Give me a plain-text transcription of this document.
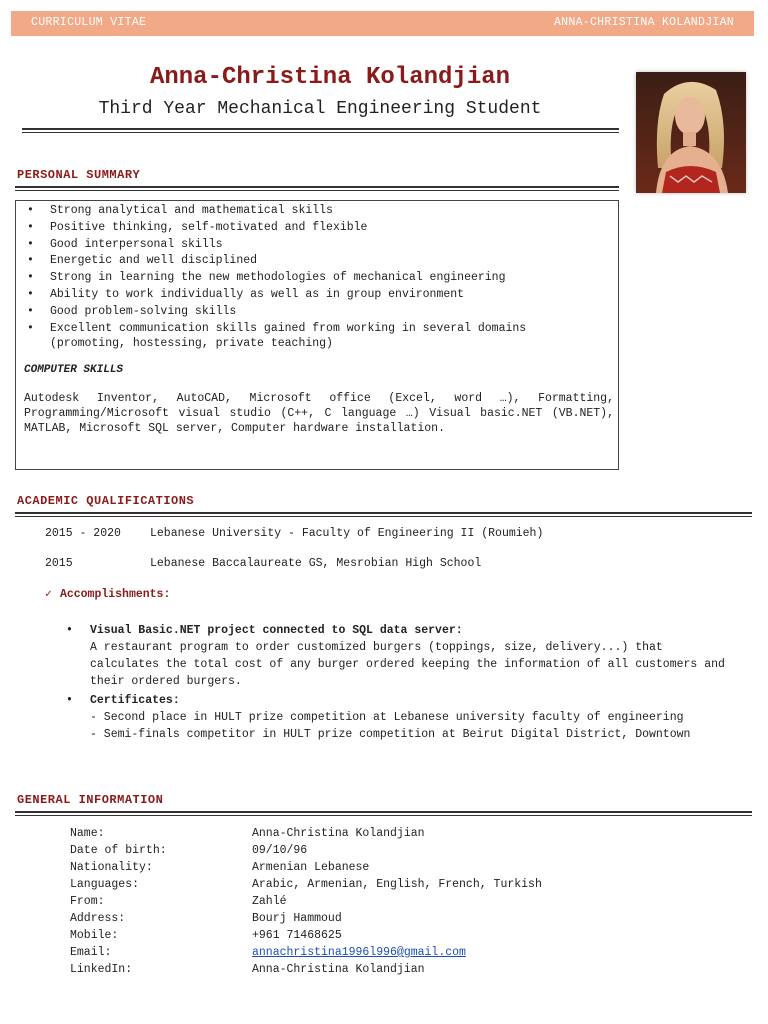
CURRICULUM VITAE	ANNA-CHRISTINA KOLANDJIAN
Anna-Christina Kolandjian
Third Year Mechanical Engineering Student
PERSONAL SUMMARY
• Strong analytical and mathematical skills
• Positive thinking, self-motivated and flexible
• Good interpersonal skills
• Energetic and well disciplined
• Strong in learning the new methodologies of mechanical engineering
• Ability to work individually as well as in group environment
• Good problem-solving skills
• Excellent communication skills gained from working in several domains (promoting, hostessing, private teaching)
COMPUTER SKILLS
Autodesk Inventor, AutoCAD, Microsoft office (Excel, word …), Formatting, Programming/Microsoft visual studio (C++, C language …) Visual basic.NET (VB.NET), MATLAB, Microsoft SQL server, Computer hardware installation.
ACADEMIC QUALIFICATIONS
2015 - 2020	Lebanese University - Faculty of Engineering II (Roumieh)
2015	Lebanese Baccalaureate GS, Mesrobian High School
✓ Accomplishments:
• Visual Basic.NET project connected to SQL data server:
A restaurant program to order customized burgers (toppings, size, delivery...) that calculates the total cost of any burger ordered keeping the information of all customers and their ordered burgers.
• Certificates:
- Second place in HULT prize competition at Lebanese university faculty of engineering
- Semi-finals competitor in HULT prize competition at Beirut Digital District, Downtown
GENERAL INFORMATION
Name:	Anna-Christina Kolandjian
Date of birth:	09/10/96
Nationality:	Armenian Lebanese
Languages:	Arabic, Armenian, English, French, Turkish
From:	Zahlé
Address:	Bourj Hammoud
Mobile:	+961 71468625
Email:	annachristina1996l996@gmail.com
LinkedIn:	Anna-Christina Kolandjian
